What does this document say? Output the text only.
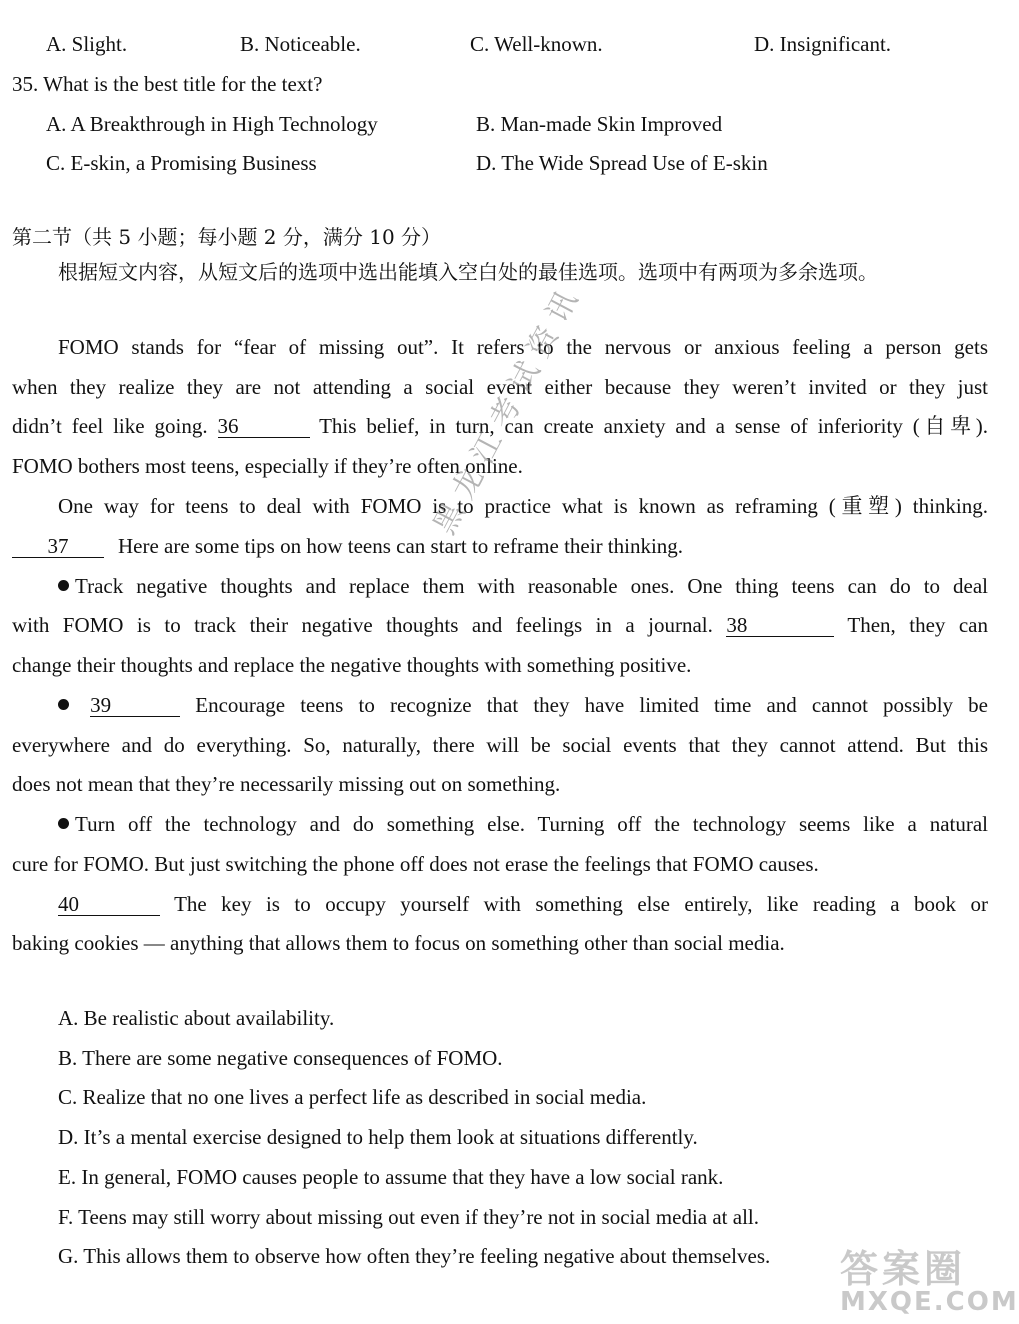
A. Slight.	B. Noticeable.	C. Well-known.	D. Insignificant.
35. What is the best title for the text?
A. A Breakthrough in High Technology	B. Man-made Skin Improved
C. E-skin, a Promising Business	D. The Wide Spread Use of E-skin
第二节（共 5 小题；每小题 2 分，满分 10 分）
根据短文内容，从短文后的选项中选出能填入空白处的最佳选项。选项中有两项为多余选项。
FOMO stands for “fear of missing out”. It refers to the nervous or anxious feeling a person gets
when they realize they are not attending a social event either because they weren’t invited or they just
didn’t feel like going. 36	This belief, in turn, can create anxiety and a sense of inferiority (自卑).
FOMO bothers most teens, especially if they’re often online.
One way for teens to deal with FOMO is to practice what is known as reframing (重塑) thinking.
37 Here are some tips on how teens can start to reframe their thinking.
Track negative thoughts and replace them with reasonable ones. One thing teens can do to deal
with FOMO is to track their negative thoughts and feelings in a journal. 38	Then, they can
change their thoughts and replace the negative thoughts with something positive.
39	Encourage teens to recognize that they have limited time and cannot possibly be
everywhere and do everything. So, naturally, there will be social events that they cannot attend. But this
does not mean that they’re necessarily missing out on something.
Turn off the technology and do something else. Turning off the technology seems like a natural
cure for FOMO. But just switching the phone off does not erase the feelings that FOMO causes.
40	The key is to occupy yourself with something else entirely, like reading a book or
baking cookies — anything that allows them to focus on something other than social media.
A. Be realistic about availability.
B. There are some negative consequences of FOMO.
C. Realize that no one lives a perfect life as described in social media.
D. It’s a mental exercise designed to help them look at situations differently.
E. In general, FOMO causes people to assume that they have a low social rank.
F. Teens may still worry about missing out even if they’re not in social media at all.
G. This allows them to observe how often they’re feeling negative about themselves.
黑龙江考试资讯
答案圈
MXQE.COM
